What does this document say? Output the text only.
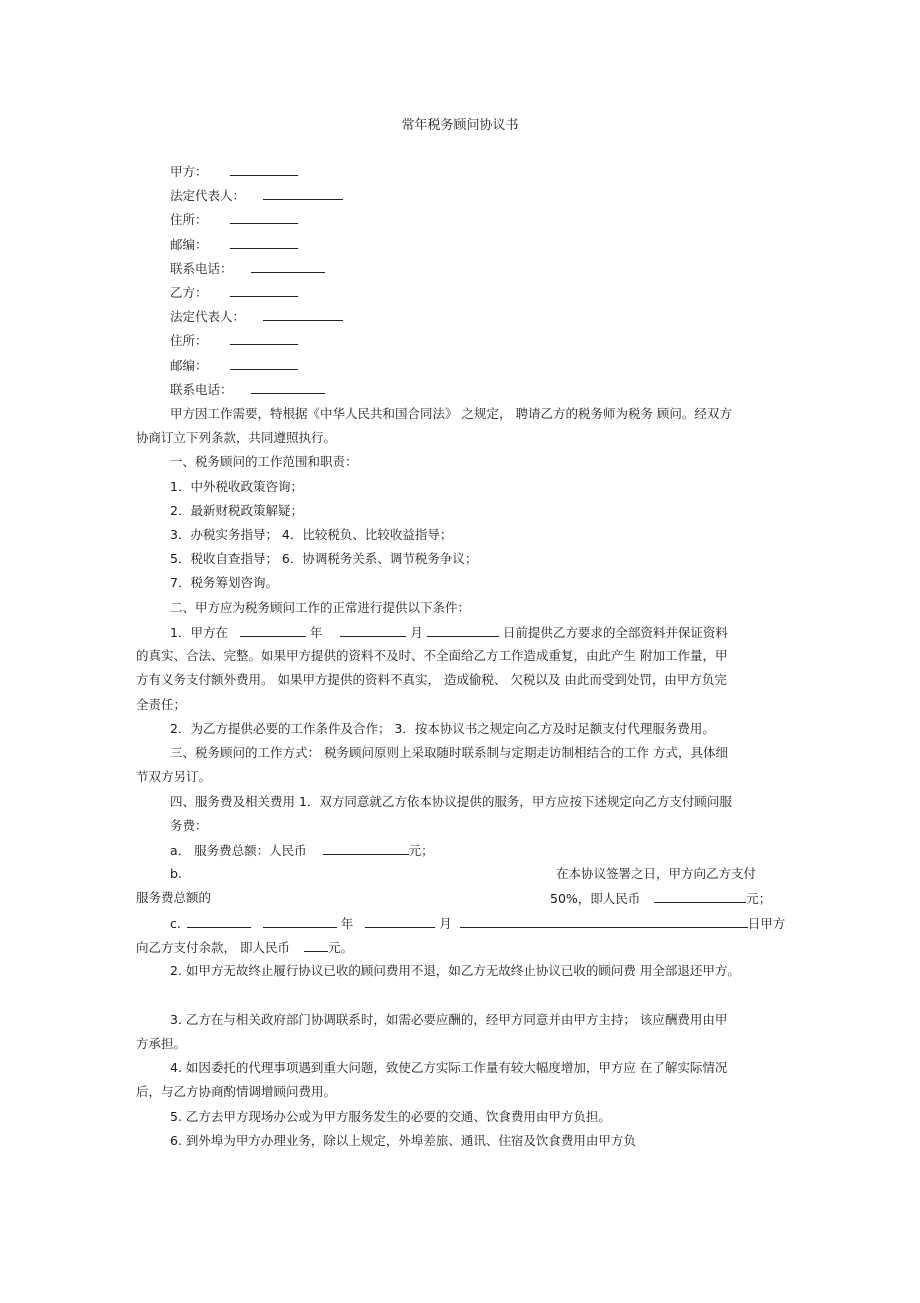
常年税务顾问协议书
甲方：
法定代表人：
住所：
邮编：
联系电话：
乙方：
法定代表人：
住所：
邮编：
联系电话：
甲方因工作需要，特根据《中华人民共和国合同法》 之规定， 聘请乙方的税务师为税务 顾问。经双方
协商订立下列条款，共同遵照执行。
一、税务顾问的工作范围和职责：
1．中外税收政策咨询；
2．最新财税政策解疑；
3．办税实务指导； 4．比较税负、比较收益指导；
5．税收自查指导； 6．协调税务关系、调节税务争议；
7．税务筹划咨询。
二、甲方应为税务顾问工作的正常进行提供以下条件：
1．甲方在	年	月	日前提供乙方要求的全部资料并保证资料
的真实、合法、完整。如果甲方提供的资料不及时、不全面给乙方工作造成重复，由此产生 附加工作量，甲
方有义务支付额外费用。 如果甲方提供的资料不真实， 造成偷税、 欠税以及 由此而受到处罚，由甲方负完
全责任；
2．为乙方提供必要的工作条件及合作； 3．按本协议书之规定向乙方及时足额支付代理服务费用。
三、税务顾问的工作方式： 税务顾问原则上采取随时联系制与定期走访制相结合的工作 方式，具体细
节双方另订。
四、服务费及相关费用 1．双方同意就乙方依本协议提供的服务，甲方应按下述规定向乙方支付顾问服
务费：
a． 服务费总额：人民币	元；
b.	在本协议签署之日，甲方向乙方支付
服务费总额的	50%，即人民币	元；
c.	年	月	日甲方
向乙方支付余款， 即人民币	元。
2. 如甲方无故终止履行协议已收的顾问费用不退，如乙方无故终止协议已收的顾问费 用全部退还甲方。
3. 乙方在与相关政府部门协调联系时，如需必要应酬的，经甲方同意并由甲方主持； 该应酬费用由甲
方承担。
4. 如因委托的代理事项遇到重大问题，致使乙方实际工作量有较大幅度增加，甲方应 在了解实际情况
后，与乙方协商酌情调增顾问费用。
5. 乙方去甲方现场办公或为甲方服务发生的必要的交通、饮食费用由甲方负担。
6. 到外埠为甲方办理业务，除以上规定，外埠差旅、通讯、住宿及饮食费用由甲方负
